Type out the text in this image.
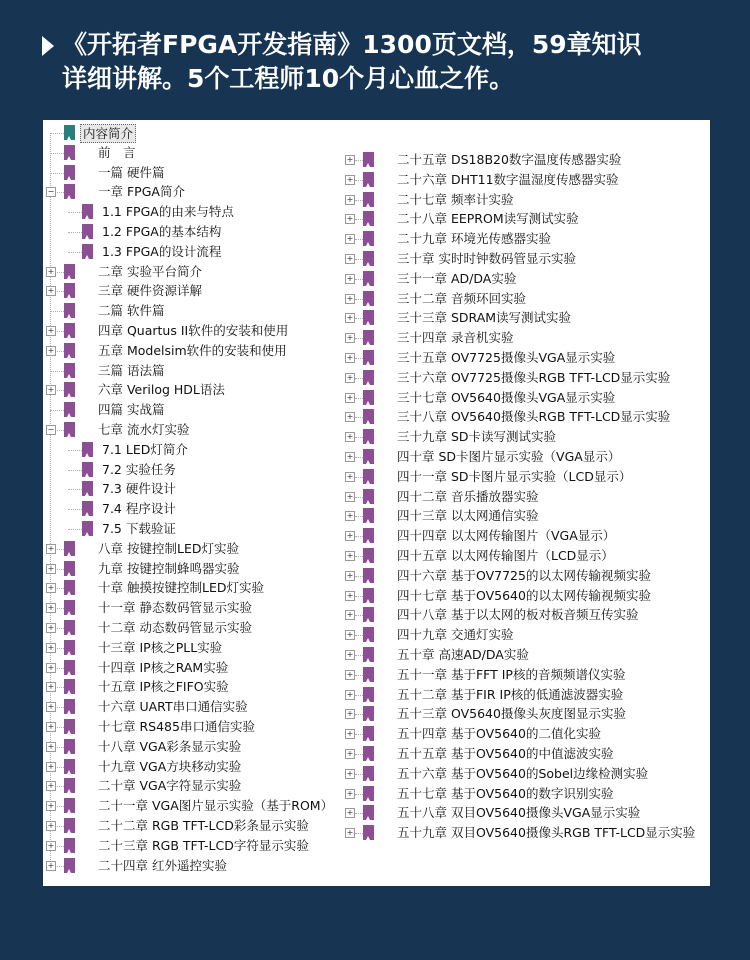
《开拓者FPGA开发指南》1300页文档，59章知识
详细讲解。5个工程师10个月心血之作。
内容简介
前　言
一篇 硬件篇
−	一章 FPGA简介
1.1 FPGA的由来与特点
1.2 FPGA的基本结构
1.3 FPGA的设计流程
+	二章 实验平台简介
+	三章 硬件资源详解
二篇 软件篇
+	四章 Quartus II软件的安装和使用
+	五章 Modelsim软件的安装和使用
三篇 语法篇
+	六章 Verilog HDL语法
四篇 实战篇
−	七章 流水灯实验
7.1 LED灯简介
7.2 实验任务
7.3 硬件设计
7.4 程序设计
7.5 下载验证
+	八章 按键控制LED灯实验
+	九章 按键控制蜂鸣器实验
+	十章 触摸按键控制LED灯实验
+	十一章 静态数码管显示实验
+	十二章 动态数码管显示实验
+	十三章 IP核之PLL实验
+	十四章 IP核之RAM实验
+	十五章 IP核之FIFO实验
+	十六章 UART串口通信实验
+	十七章 RS485串口通信实验
+	十八章 VGA彩条显示实验
+	十九章 VGA方块移动实验
+	二十章 VGA字符显示实验
+	二十一章 VGA图片显示实验（基于ROM）
+	二十二章 RGB TFT-LCD彩条显示实验
+	二十三章 RGB TFT-LCD字符显示实验
+	二十四章 红外遥控实验
+	二十五章 DS18B20数字温度传感器实验
+	二十六章 DHT11数字温湿度传感器实验
+	二十七章 频率计实验
+	二十八章 EEPROM读写测试实验
+	二十九章 环境光传感器实验
+	三十章 实时时钟数码管显示实验
+	三十一章 AD/DA实验
+	三十二章 音频环回实验
+	三十三章 SDRAM读写测试实验
+	三十四章 录音机实验
+	三十五章 OV7725摄像头VGA显示实验
+	三十六章 OV7725摄像头RGB TFT-LCD显示实验
+	三十七章 OV5640摄像头VGA显示实验
+	三十八章 OV5640摄像头RGB TFT-LCD显示实验
+	三十九章 SD卡读写测试实验
+	四十章 SD卡图片显示实验（VGA显示）
+	四十一章 SD卡图片显示实验（LCD显示）
+	四十二章 音乐播放器实验
+	四十三章 以太网通信实验
+	四十四章 以太网传输图片（VGA显示）
+	四十五章 以太网传输图片（LCD显示）
+	四十六章 基于OV7725的以太网传输视频实验
+	四十七章 基于OV5640的以太网传输视频实验
+	四十八章 基于以太网的板对板音频互传实验
+	四十九章 交通灯实验
+	五十章 高速AD/DA实验
+	五十一章 基于FFT IP核的音频频谱仪实验
+	五十二章 基于FIR IP核的低通滤波器实验
+	五十三章 OV5640摄像头灰度图显示实验
+	五十四章 基于OV5640的二值化实验
+	五十五章 基于OV5640的中值滤波实验
+	五十六章 基于OV5640的Sobel边缘检测实验
+	五十七章 基于OV5640的数字识别实验
+	五十八章 双目OV5640摄像头VGA显示实验
+	五十九章 双目OV5640摄像头RGB TFT-LCD显示实验
